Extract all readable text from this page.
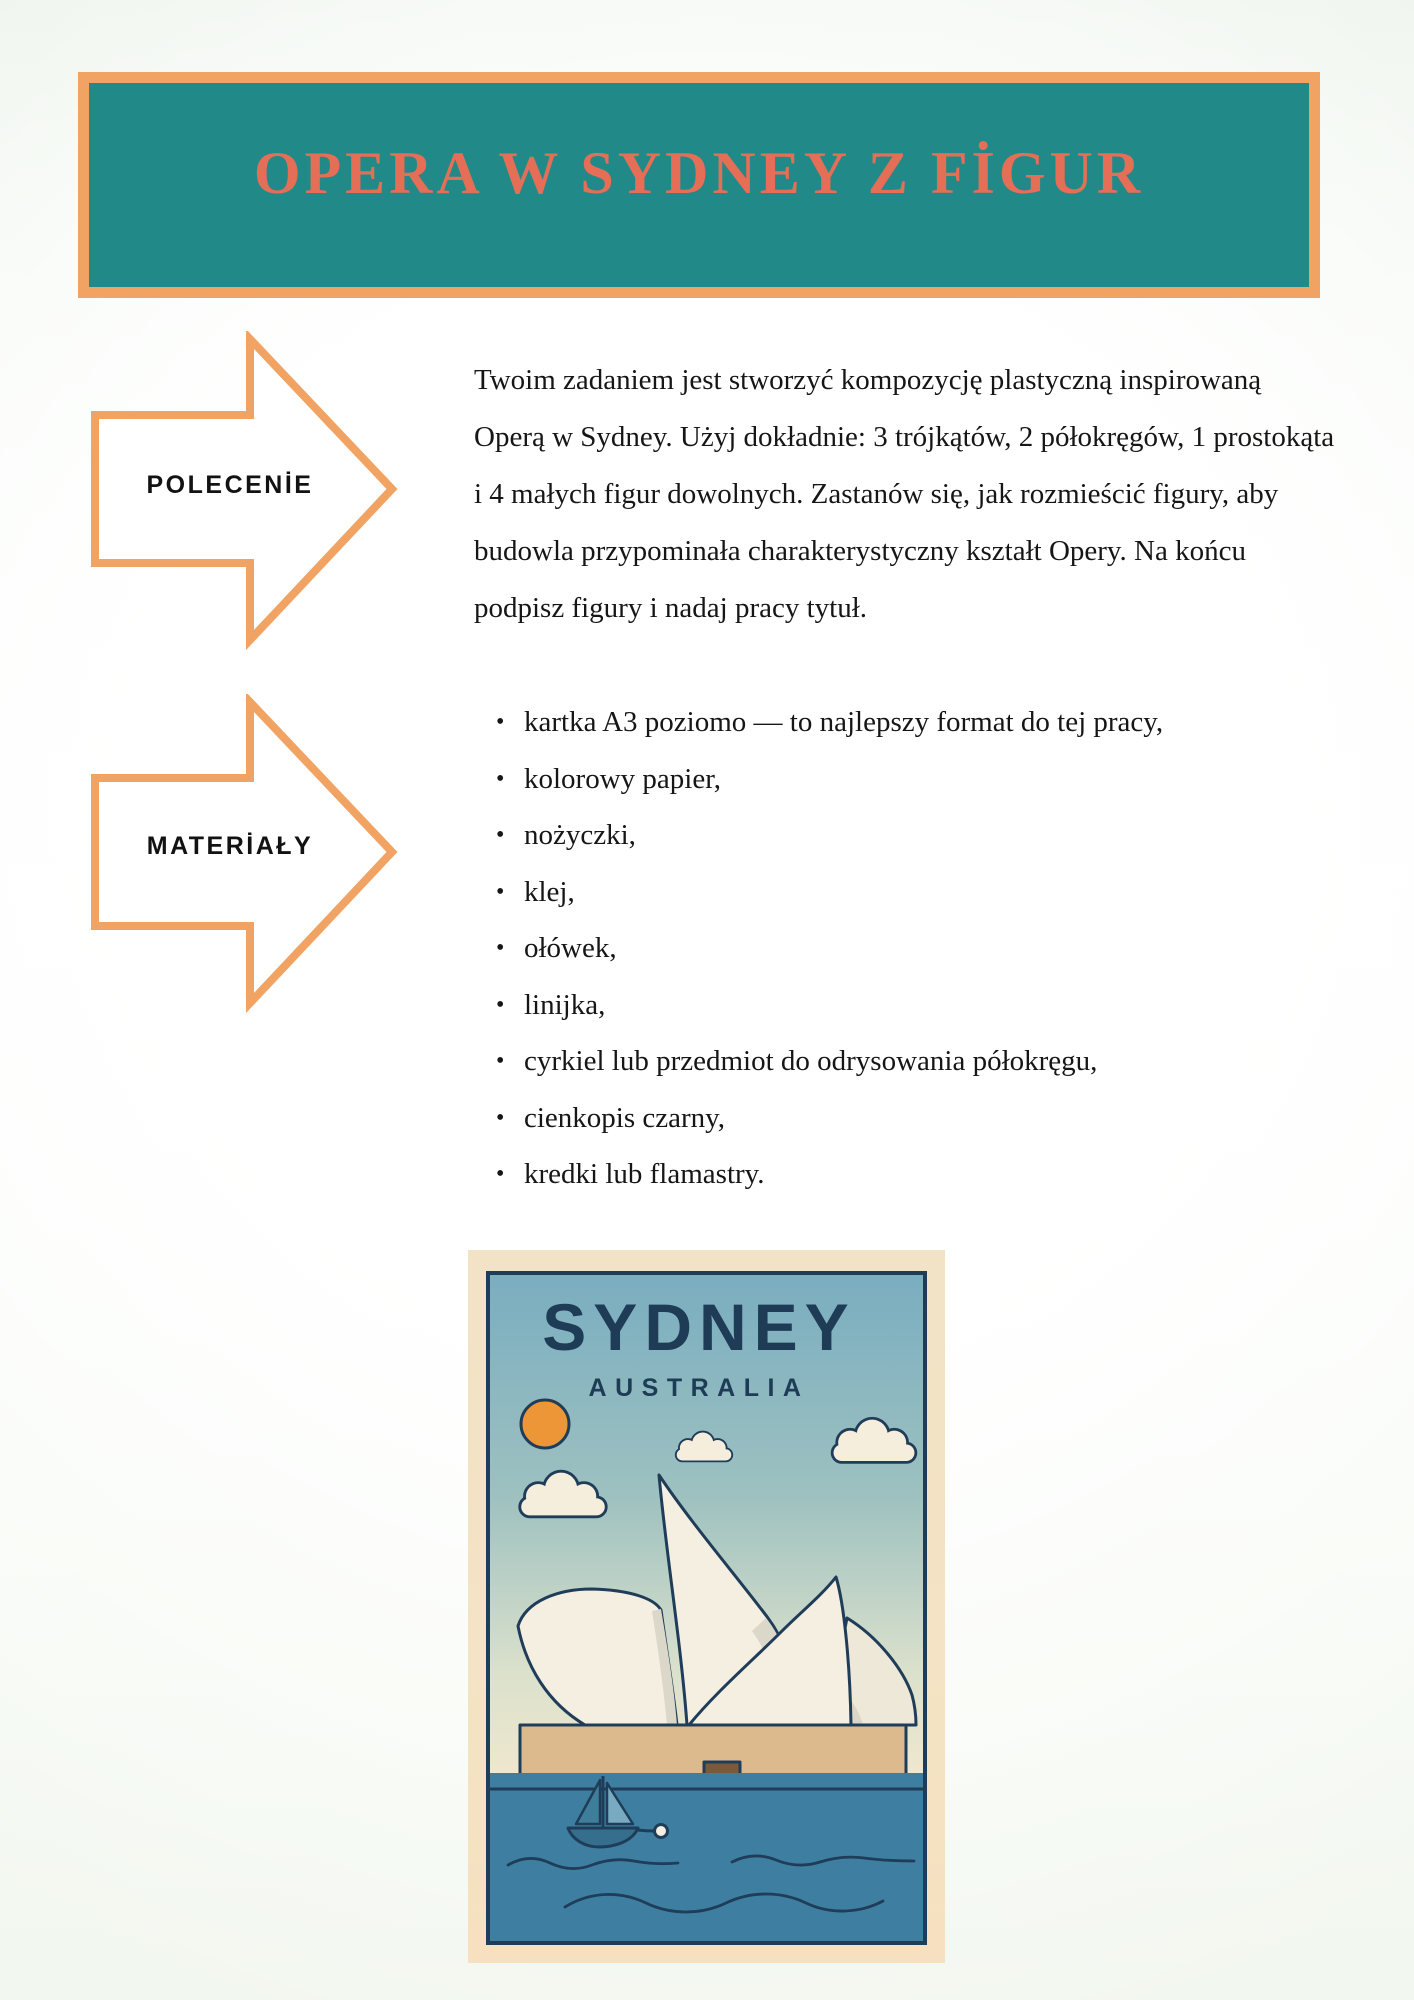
OPERA W SYDNEY Z FİGUR
POLECENİE
MATERİAŁY
Twoim zadaniem jest stworzyć kompozycję plastyczną inspirowaną
Operą w Sydney. Użyj dokładnie: 3 trójkątów, 2 półokręgów, 1 prostokąta
i 4 małych figur dowolnych. Zastanów się, jak rozmieścić figury, aby
budowla przypominała charakterystyczny kształt Opery. Na końcu
podpisz figury i nadaj pracy tytuł.
• kartka A3 poziomo — to najlepszy format do tej pracy,
• kolorowy papier,
• nożyczki,
• klej,
• ołówek,
• linijka,
• cyrkiel lub przedmiot do odrysowania półokręgu,
• cienkopis czarny,
• kredki lub flamastry.
SYDNEY
AUSTRALIA
